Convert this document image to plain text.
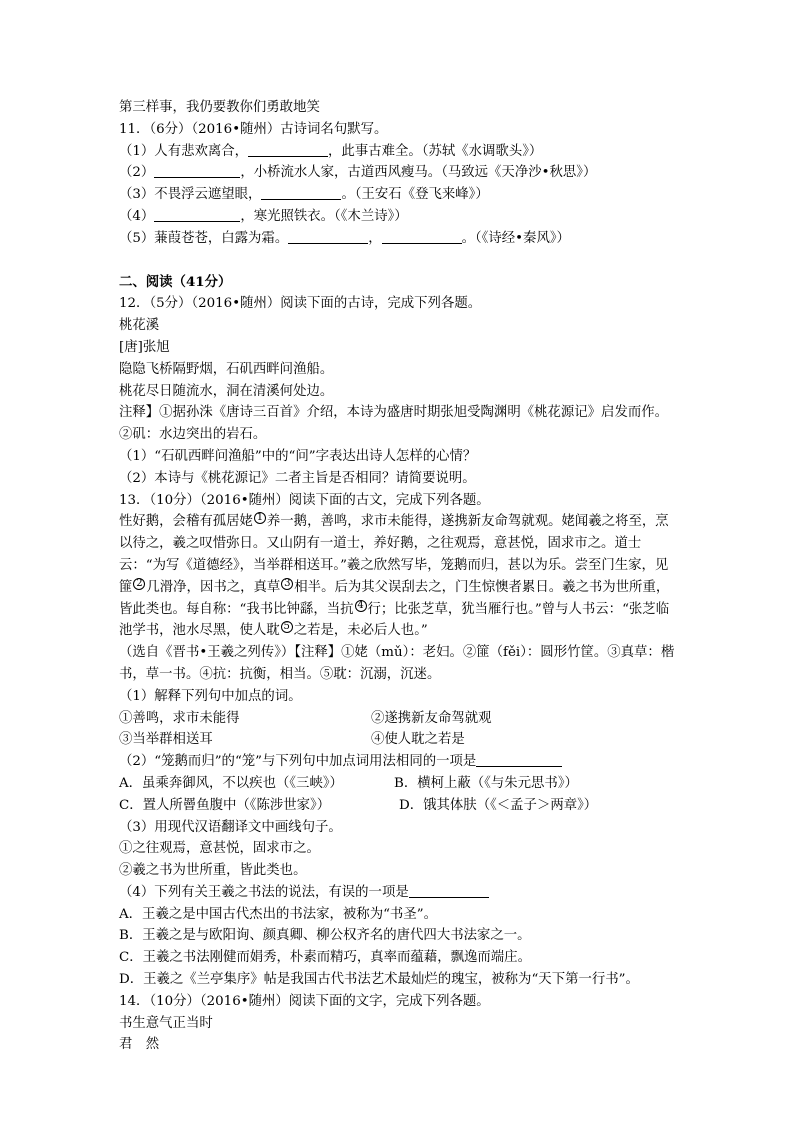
第三样事，我仍要教你们勇敢地笑
11．（6分）（2016•随州）古诗词名句默写。
（1）人有悲欢离合，	，此事古难全。（苏轼《水调歌头》）
（2）	，小桥流水人家，古道西风瘦马。（马致远《天净沙•秋思》）
（3）不畏浮云遮望眼，	。（王安石《登飞来峰》）
（4）	，寒光照铁衣。（《木兰诗》）
（5）蒹葭苍苍，白露为霜。	，	。（《诗经•秦风》）
二、阅读（41分）
12．（5分）（2016•随州）阅读下面的古诗，完成下列各题。
桃花溪
[唐]张旭
隐隐飞桥隔野烟，石矶西畔问渔船。
桃花尽日随流水，洞在清溪何处边。
注释】①据孙洙《唐诗三百首》介绍，本诗为盛唐时期张旭受陶渊明《桃花源记》启发而作。②矶：水边突出的岩石。
（1）“石矶西畔问渔船”中的“问”字表达出诗人怎样的心情？
（2）本诗与《桃花源记》二者主旨是否相同？请简要说明。
13．（10分）（2016•随州）阅读下面的古文，完成下列各题。
性好鹅，会稽有孤居姥 $^1$ 养一鹅，善鸣，求市未能得，遂携新友命驾就观。姥闻羲之将至，烹以待之，羲之叹惜弥日。又山阴有一道士，养好鹅，之往观焉，意甚悦，固求市之。道士云：“为写《道德经》，当举群相送耳。”羲之欣然写毕，笼鹅而归，甚以为乐。尝至门生家，见篚 $^2$ 几滑净，因书之，真草 $^3$ 相半。后为其父误刮去之，门生惊懊者累日。羲之书为世所重，皆此类也。每自称：“我书比钟繇，当抗 $^4$ 行；比张芝草，犹当雁行也。”曾与人书云：“张芝临池学书，池水尽黑，使人耽 $^5$ 之若是，未必后人也。”
（选自《晋书•王羲之列传》）【注释】①姥（mǔ）：老妇。②篚（fěi）：圆形竹筐。③真草：楷书，草一书。④抗：抗衡，相当。⑤耽：沉溺，沉迷。
（1）解释下列句中加点的词。
①善鸣，求市未能得	②遂携新友命驾就观
③当举群相送耳	④使人耽之若是
（2）“笼鹅而归”的“笼”与下列句中加点词用法相同的一项是
A．虽乘奔御风，不以疾也（《三峡》）	B．横柯上蔽（《与朱元思书》）
C．置人所罾鱼腹中（《陈涉世家》）	D．饿其体肤（《＜孟子＞两章》）
（3）用现代汉语翻译文中画线句子。
①之往观焉，意甚悦，固求市之。
②羲之书为世所重，皆此类也。
（4）下列有关王羲之书法的说法，有误的一项是
A．王羲之是中国古代杰出的书法家，被称为“书圣”。
B．王羲之是与欧阳询、颜真卿、柳公权齐名的唐代四大书法家之一。
C．王羲之书法刚健而娟秀，朴素而精巧，真率而蕴藉，飘逸而端庄。
D．王羲之《兰亭集序》帖是我国古代书法艺术最灿烂的瑰宝，被称为“天下第一行书”。
14．（10分）（2016•随州）阅读下面的文字，完成下列各题。
书生意气正当时
君　然
